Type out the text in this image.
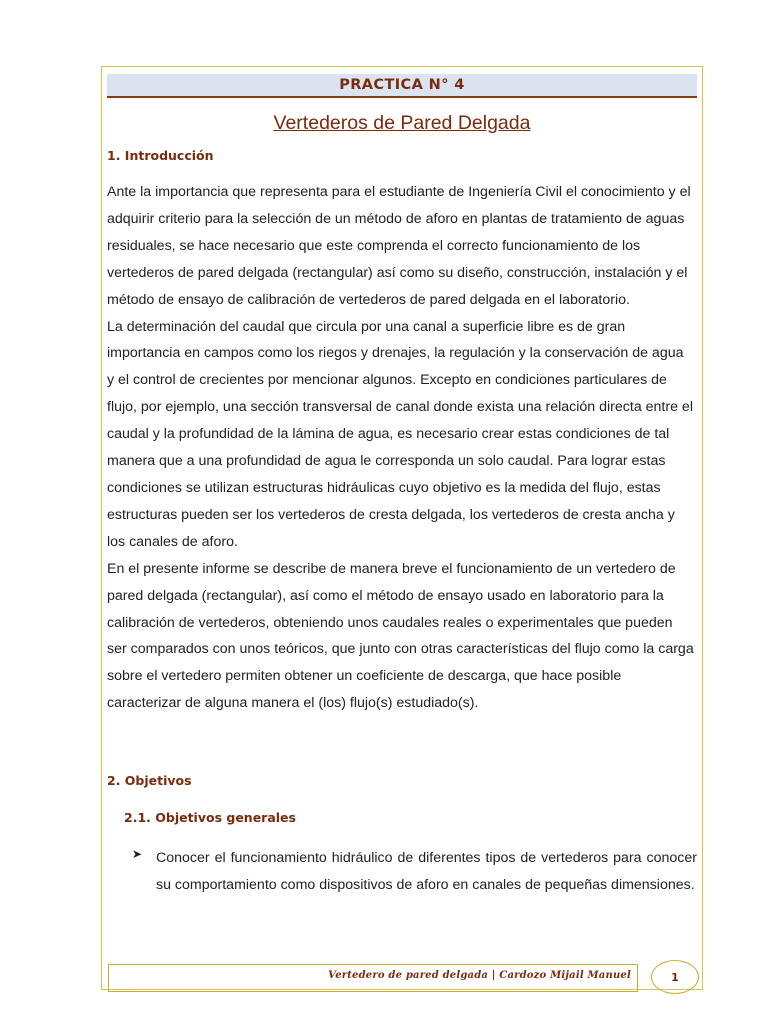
PRACTICA N° 4
Vertederos de Pared Delgada
1. Introducción

Ante la importancia que representa para el estudiante de Ingeniería Civil el conocimiento y el adquirir criterio para la selección de un método de aforo en plantas de tratamiento de aguas residuales, se hace necesario que este comprenda el correcto funcionamiento de los vertederos de pared delgada (rectangular) así como su diseño, construcción, instalación y el método de ensayo de calibración de vertederos de pared delgada en el laboratorio.

La determinación del caudal que circula por una canal a superficie libre es de gran importancia en campos como los riegos y drenajes, la regulación y la conservación de agua y el control de crecientes por mencionar algunos. Excepto en condiciones particulares de flujo, por ejemplo, una sección transversal de canal donde exista una relación directa entre el caudal y la profundidad de la lámina de agua, es necesario crear estas condiciones de tal manera que a una profundidad de agua le corresponda un solo caudal. Para lograr estas condiciones se utilizan estructuras hidráulicas cuyo objetivo es la medida del flujo, estas estructuras pueden ser los vertederos de cresta delgada, los vertederos de cresta ancha y los canales de aforo.

En el presente informe se describe de manera breve el funcionamiento de un vertedero de pared delgada (rectangular), así como el método de ensayo usado en laboratorio para la calibración de vertederos, obteniendo unos caudales reales o experimentales que pueden ser comparados con unos teóricos, que junto con otras características del flujo como la carga sobre el vertedero permiten obtener un coeficiente de descarga, que hace posible caracterizar de alguna manera el (los) flujo(s) estudiado(s).

2. Objetivos
2.1. Objetivos generales
➤ Conocer el funcionamiento hidráulico de diferentes tipos de vertederos para conocer su comportamiento como dispositivos de aforo en canales de pequeñas dimensiones.
Vertedero de pared delgada | Cardozo Mijail Manuel	1
